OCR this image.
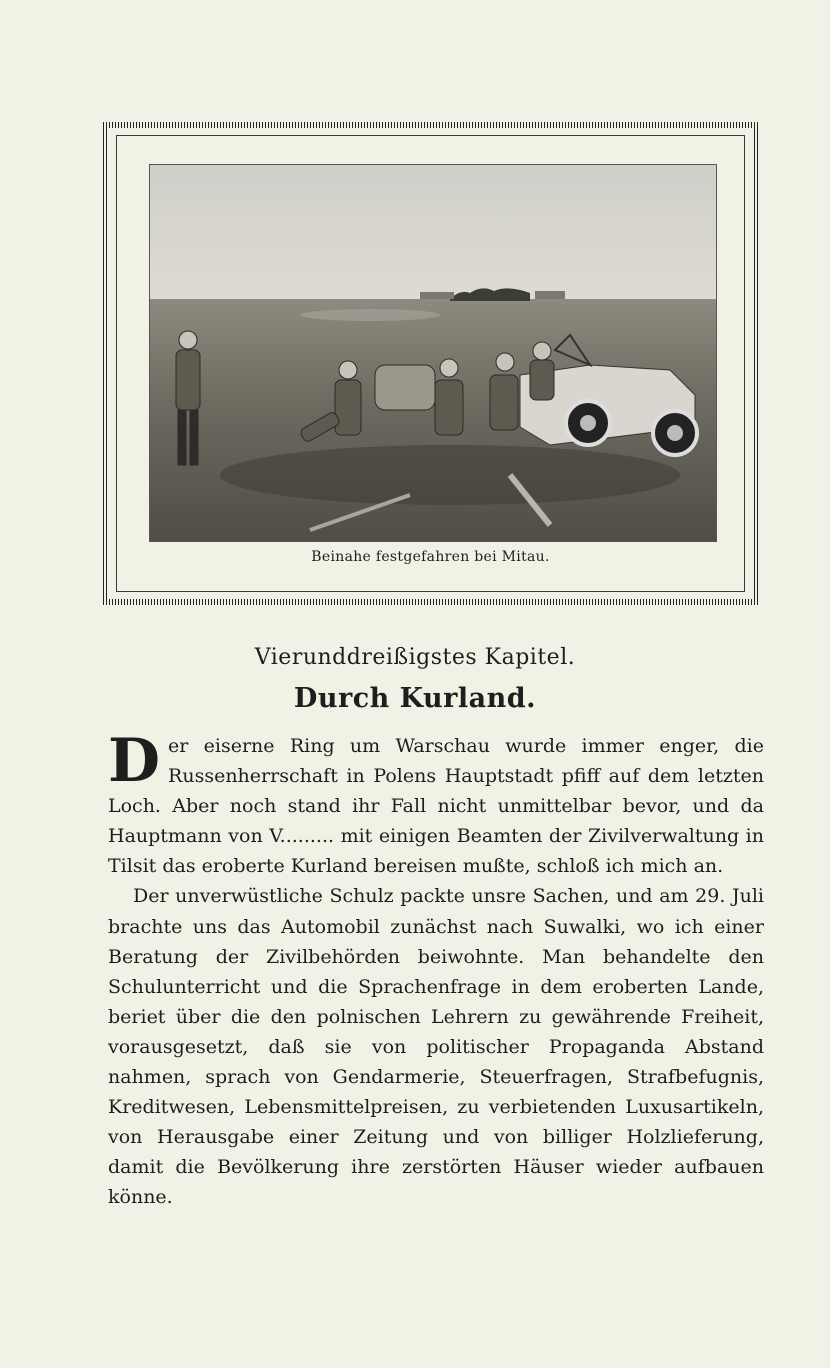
Beinahe festgefahren bei Mitau.
Vierunddreißigstes Kapitel.
Durch Kurland.

Der eiserne Ring um Warschau wurde immer enger, die Russenherrschaft in Polens Hauptstadt pfiff auf dem letzten Loch. Aber noch stand ihr Fall nicht unmittelbar bevor, und da Hauptmann von V......... mit einigen Beamten der Zivilverwaltung in Tilsit das eroberte Kurland bereisen mußte, schloß ich mich an.

Der unverwüstliche Schulz packte unsre Sachen, und am 29. Juli brachte uns das Automobil zunächst nach Suwalki, wo ich einer Beratung der Zivilbehörden beiwohnte. Man behandelte den Schulunterricht und die Sprachenfrage in dem eroberten Lande, beriet über die den polnischen Lehrern zu gewährende Freiheit, vorausgesetzt, daß sie von politischer Propaganda Abstand nahmen, sprach von Gendarmerie, Steuerfragen, Strafbefugnis, Kreditwesen, Lebensmittelpreisen, zu verbietenden Luxusartikeln, von Herausgabe einer Zeitung und von billiger Holzlieferung, damit die Bevölkerung ihre zerstörten Häuser wieder aufbauen könne.
